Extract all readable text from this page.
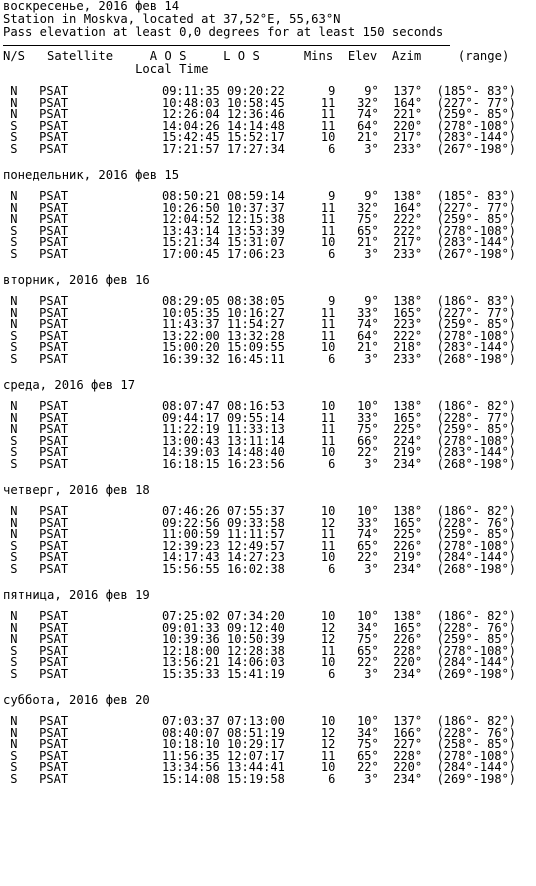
воскресенье, 2016 фев 14
Station in Moskva, located at 37,52°E, 55,63°N
Pass elevation at least 0,0 degrees for at least 150 seconds
N/S   Satellite     A O S     L O S      Mins  Elev  Azim     (range)
Local Time
N PSAT	09:11:35 09:20:22      9    9°  137° (185°- 83°)
N PSAT	10:48:03 10:58:45     11   32°  164° (227°- 77°)
N PSAT	12:26:04 12:36:46     11   74°  221° (259°- 85°)
S PSAT	14:04:26 14:14:48     11   64°  220° (278°-108°)
S PSAT	15:42:45 15:52:17     10   21°  217° (283°-144°)
S PSAT	17:21:57 17:27:34      6    3°  233° (267°-198°)
понедельник, 2016 фев 15
N PSAT	08:50:21 08:59:14      9    9°  138° (185°- 83°)
N PSAT	10:26:50 10:37:37     11   32°  164° (227°- 77°)
N PSAT	12:04:52 12:15:38     11   75°  222° (259°- 85°)
S PSAT	13:43:14 13:53:39     11   65°  222° (278°-108°)
S PSAT	15:21:34 15:31:07     10   21°  217° (283°-144°)
S PSAT	17:00:45 17:06:23      6    3°  233° (267°-198°)
вторник, 2016 фев 16
N PSAT	08:29:05 08:38:05      9    9°  138° (186°- 83°)
N PSAT	10:05:35 10:16:27     11   33°  165° (227°- 77°)
N PSAT	11:43:37 11:54:27     11   74°  223° (259°- 85°)
S PSAT	13:22:00 13:32:28     11   64°  222° (278°-108°)
S PSAT	15:00:20 15:09:55     10   21°  218° (283°-144°)
S PSAT	16:39:32 16:45:11      6    3°  233° (268°-198°)
среда, 2016 фев 17
N PSAT	08:07:47 08:16:53     10   10°  138° (186°- 82°)
N PSAT	09:44:17 09:55:14     11   33°  165° (228°- 77°)
N PSAT	11:22:19 11:33:13     11   75°  225° (259°- 85°)
S PSAT	13:00:43 13:11:14     11   66°  224° (278°-108°)
S PSAT	14:39:03 14:48:40     10   22°  219° (283°-144°)
S PSAT	16:18:15 16:23:56      6    3°  234° (268°-198°)
четверг, 2016 фев 18
N PSAT	07:46:26 07:55:37     10   10°  138° (186°- 82°)
N PSAT	09:22:56 09:33:58     12   33°  165° (228°- 76°)
N PSAT	11:00:59 11:11:57     11   74°  225° (259°- 85°)
S PSAT	12:39:23 12:49:57     11   65°  226° (278°-108°)
S PSAT	14:17:43 14:27:23     10   22°  219° (284°-144°)
S PSAT	15:56:55 16:02:38      6    3°  234° (268°-198°)
пятница, 2016 фев 19
N PSAT	07:25:02 07:34:20     10   10°  138° (186°- 82°)
N PSAT	09:01:33 09:12:40     12   34°  165° (228°- 76°)
N PSAT	10:39:36 10:50:39     12   75°  226° (259°- 85°)
S PSAT	12:18:00 12:28:38     11   65°  228° (278°-108°)
S PSAT	13:56:21 14:06:03     10   22°  220° (284°-144°)
S PSAT	15:35:33 15:41:19      6    3°  234° (269°-198°)
суббота, 2016 фев 20
N PSAT	07:03:37 07:13:00     10   10°  137° (186°- 82°)
N PSAT	08:40:07 08:51:19     12   34°  166° (228°- 76°)
N PSAT	10:18:10 10:29:17     12   75°  227° (258°- 85°)
S PSAT	11:56:35 12:07:17     11   65°  228° (278°-108°)
S PSAT	13:34:56 13:44:41     10   22°  220° (284°-144°)
S PSAT	15:14:08 15:19:58      6    3°  234° (269°-198°)
